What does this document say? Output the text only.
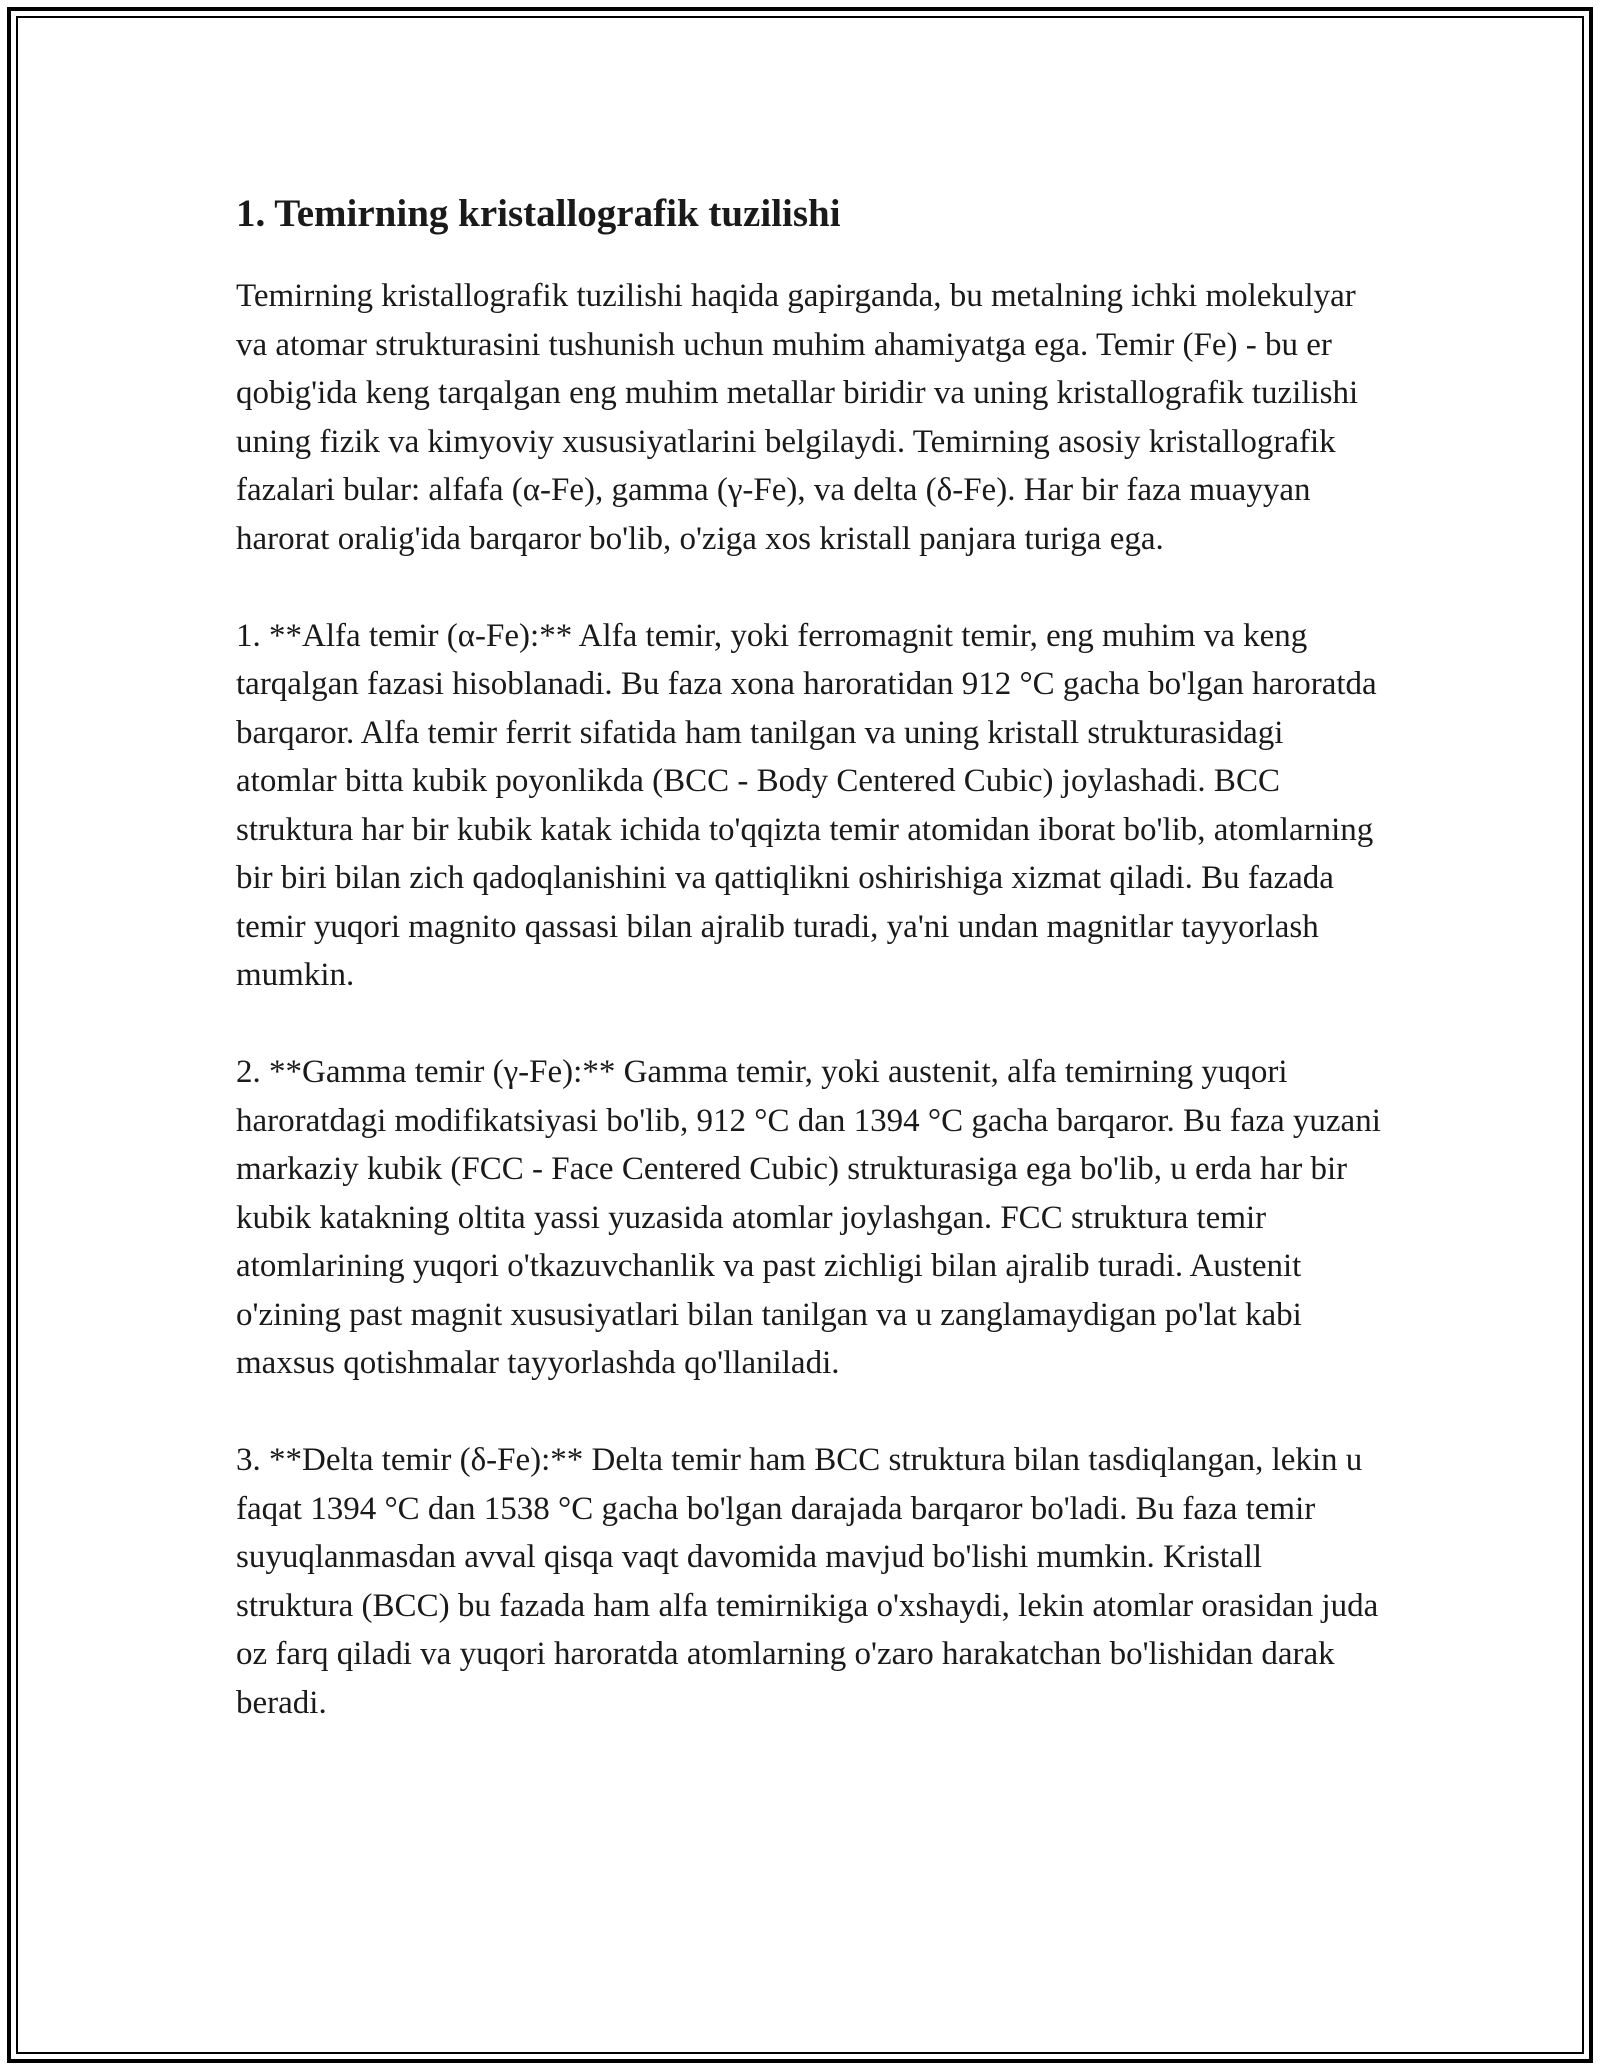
1. Temirning kristallografik tuzilishi

Temirning kristallografik tuzilishi haqida gapirganda, bu metalning ichki molekulyar va atomar strukturasini tushunish uchun muhim ahamiyatga ega. Temir (Fe) - bu er qobig'ida keng tarqalgan eng muhim metallar biridir va uning kristallografik tuzilishi uning fizik va kimyoviy xususiyatlarini belgilaydi. Temirning asosiy kristallografik fazalari bular: alfafa (α-Fe), gamma (γ-Fe), va delta (δ-Fe). Har bir faza muayyan harorat oralig'ida barqaror bo'lib, o'ziga xos kristall panjara turiga ega.

1. **Alfa temir (α-Fe):** Alfa temir, yoki ferromagnit temir, eng muhim va keng tarqalgan fazasi hisoblanadi. Bu faza xona haroratidan 912 °C gacha bo'lgan haroratda barqaror. Alfa temir ferrit sifatida ham tanilgan va uning kristall strukturasidagi atomlar bitta kubik poyonlikda (BCC - Body Centered Cubic) joylashadi. BCC struktura har bir kubik katak ichida to'qqizta temir atomidan iborat bo'lib, atomlarning bir biri bilan zich qadoqlanishini va qattiqlikni oshirishiga xizmat qiladi. Bu fazada temir yuqori magnito qassasi bilan ajralib turadi, ya'ni undan magnitlar tayyorlash mumkin.

2. **Gamma temir (γ-Fe):** Gamma temir, yoki austenit, alfa temirning yuqori haroratdagi modifikatsiyasi bo'lib, 912 °C dan 1394 °C gacha barqaror. Bu faza yuzani markaziy kubik (FCC - Face Centered Cubic) strukturasiga ega bo'lib, u erda har bir kubik katakning oltita yassi yuzasida atomlar joylashgan. FCC struktura temir atomlarining yuqori o'tkazuvchanlik va past zichligi bilan ajralib turadi. Austenit o'zining past magnit xususiyatlari bilan tanilgan va u zanglamaydigan po'lat kabi maxsus qotishmalar tayyorlashda qo'llaniladi.

3. **Delta temir (δ-Fe):** Delta temir ham BCC struktura bilan tasdiqlangan, lekin u faqat 1394 °C dan 1538 °C gacha bo'lgan darajada barqaror bo'ladi. Bu faza temir suyuqlanmasdan avval qisqa vaqt davomida mavjud bo'lishi mumkin. Kristall struktura (BCC) bu fazada ham alfa temirnikiga o'xshaydi, lekin atomlar orasidan juda oz farq qiladi va yuqori haroratda atomlarning o'zaro harakatchan bo'lishidan darak beradi.
